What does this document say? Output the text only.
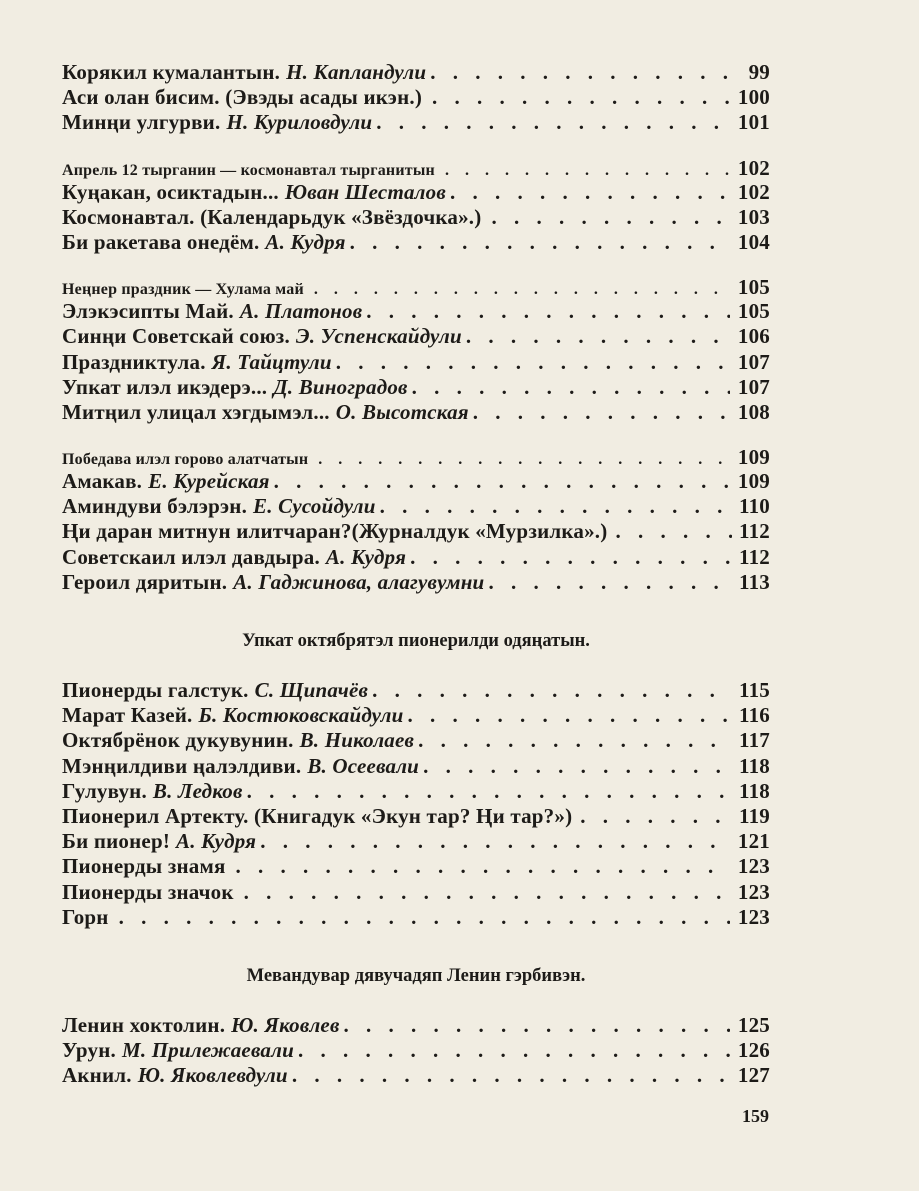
Корякил кумалантын. Н. Капландули . . .	99
Аси олан бисим. (Эвэды асады икэн.) . . .	100
Минңи улгурви. Н. Куриловдули . . .	101
Апрель 12 тырганин — космонавтал тырганитын . . .	102
Куңакан, осиктадын... Ювaн Шесталов . . .	102
Космонавтал. (Календарьдук «Звёздочка».) . . .	103
Би ракетава онедём. А. Кудря . . .	104
Неңнер праздник — Хулама май . . .	105
Элэкэсипты Май. А. Платонов . . .	105
Синңи Советскай союз. Э. Успенскайдули . . .	106
Праздниктула. Я. Тайцтули . . .	107
Упкат илэл икэдерэ... Д. Виноградов . . .	107
Митңил улицал хэгдымэл... О. Высотская . . .	108
Победава илэл горово алатчатын . . .	109
Амакав. Е. Курейская . . .	109
Аминдуви бэлэрэн. Е. Сусойдули . . .	110
Ңи даран митнун илитчаран?(Журналдук «Мурзилка».) . . .	112
Советскаил илэл давдыра. А. Кудря . . .	112
Героил дяритын. А. Гаджинова, алагувумни . . .	113
Упкат октябрятэл пионерилди одяңатын.
Пионерды галстук. С. Щипачёв . . .	115
Марат Казей. Б. Костюковскайдули . . .	116
Октябрёнок дукувунин. В. Николаев . . .	117
Мэнңилдиви ңалэлдиви. В. Осеевали . . .	118
Гулувун. В. Ледков . . .	118
Пионерил Артекту. (Книгадук «Экун тар? Ңи тар?») . . .	119
Би пионер! А. Кудря . . .	121
Пионерды знамя . . .	123
Пионерды значок . . .	123
Горн . . .	123
Мевандувар дявучадяп Ленин гэрбивэн.
Ленин хоктолин. Ю. Яковлев . . .	125
Урун. М. Прилежаевали . . .	126
Акнил. Ю. Яковлевдули . . .	127
159
